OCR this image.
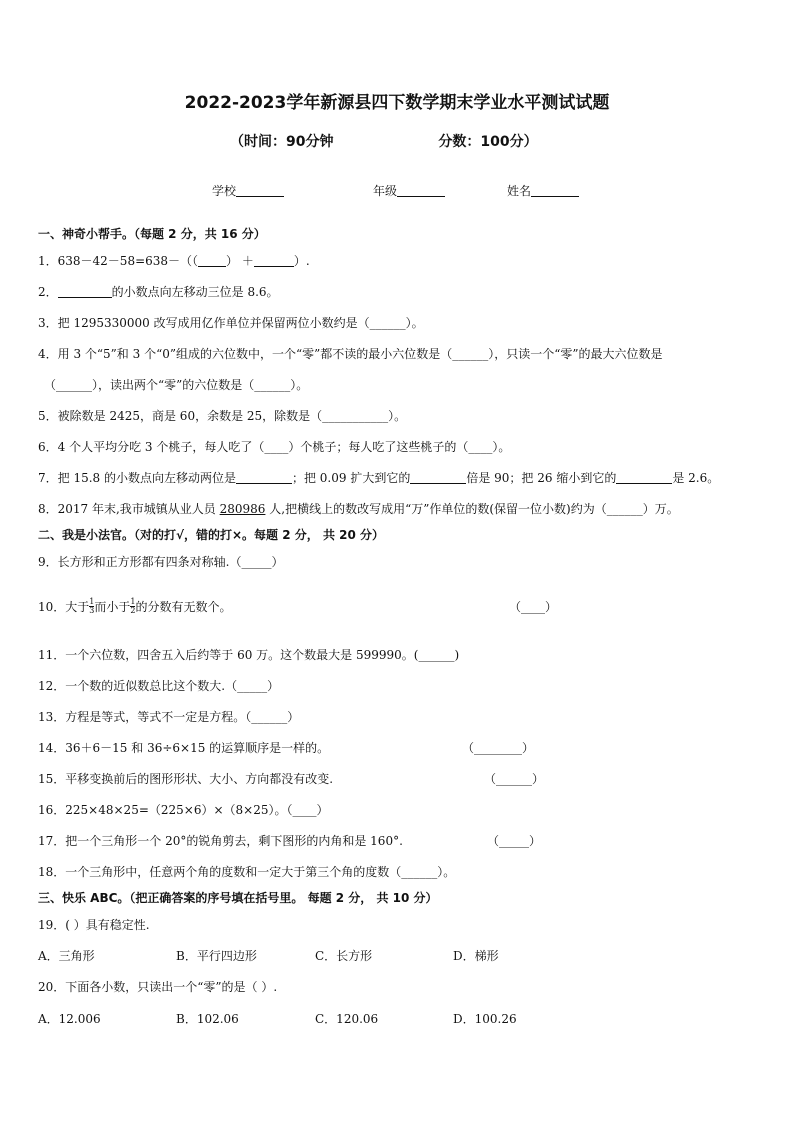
2022-2023学年新源县四下数学期末学业水平测试试题
（时间：90分钟	分数：100分）
学校	年级	姓名
一、神奇小帮手。（每题 2 分，共 16 分）
1．638－42－58=638－（（ ） ＋	）.
2．	的小数点向左移动三位是 8.6。
3．把 1295330000 改写成用亿作单位并保留两位小数约是（______）。
4．用 3 个“5”和 3 个“0”组成的六位数中，一个“零”都不读的最小六位数是（______），只读一个“零”的最大六位数是
（______），读出两个“零”的六位数是（______）。
5．被除数是 2425，商是 60，余数是 25，除数是（___________）。
6．4 个人平均分吃 3 个桃子，每人吃了（____）个桃子；每人吃了这些桃子的（____）。
7．把 15.8 的小数点向左移动两位是	；把 0.09 扩大到它的	倍是 90；把 26 缩小到它的	是 2.6。
8．2017 年末,我市城镇从业人员 280986 人,把横线上的数改写成用“万”作单位的数(保留一位小数)约为（______）万。
二、我是小法官。（对的打√，错的打×。每题 2 分， 共 20 分）
9．长方形和正方形都有四条对称轴.（_____）
10．大于 $\frac{1}{3}$ 而小于 $\frac{1}{2}$ 的分数有无数个。	（____）
11．一个六位数，四舍五入后约等于 60 万。这个数最大是 599990。(______)
12．一个数的近似数总比这个数大.（_____）
13．方程是等式，等式不一定是方程。（______）
14．36＋6－15 和 36÷6×15 的运算顺序是一样的。	（________）
15．平移变换前后的图形形状、大小、方向都没有改变.	（______）
16．225×48×25=（225×6）×（8×25）。（____）
17．把一个三角形一个 20°的锐角剪去，剩下图形的内角和是 160°.	（_____）
18．一个三角形中，任意两个角的度数和一定大于第三个角的度数（______）。
三、快乐 ABC。（把正确答案的序号填在括号里。 每题 2 分， 共 10 分）
19．( ）具有稳定性.
A．三角形	B．平行四边形	C．长方形	D．梯形
20．下面各小数，只读出一个“零”的是（ ）.
A．12.006	B．102.06	C．120.06	D．100.26
